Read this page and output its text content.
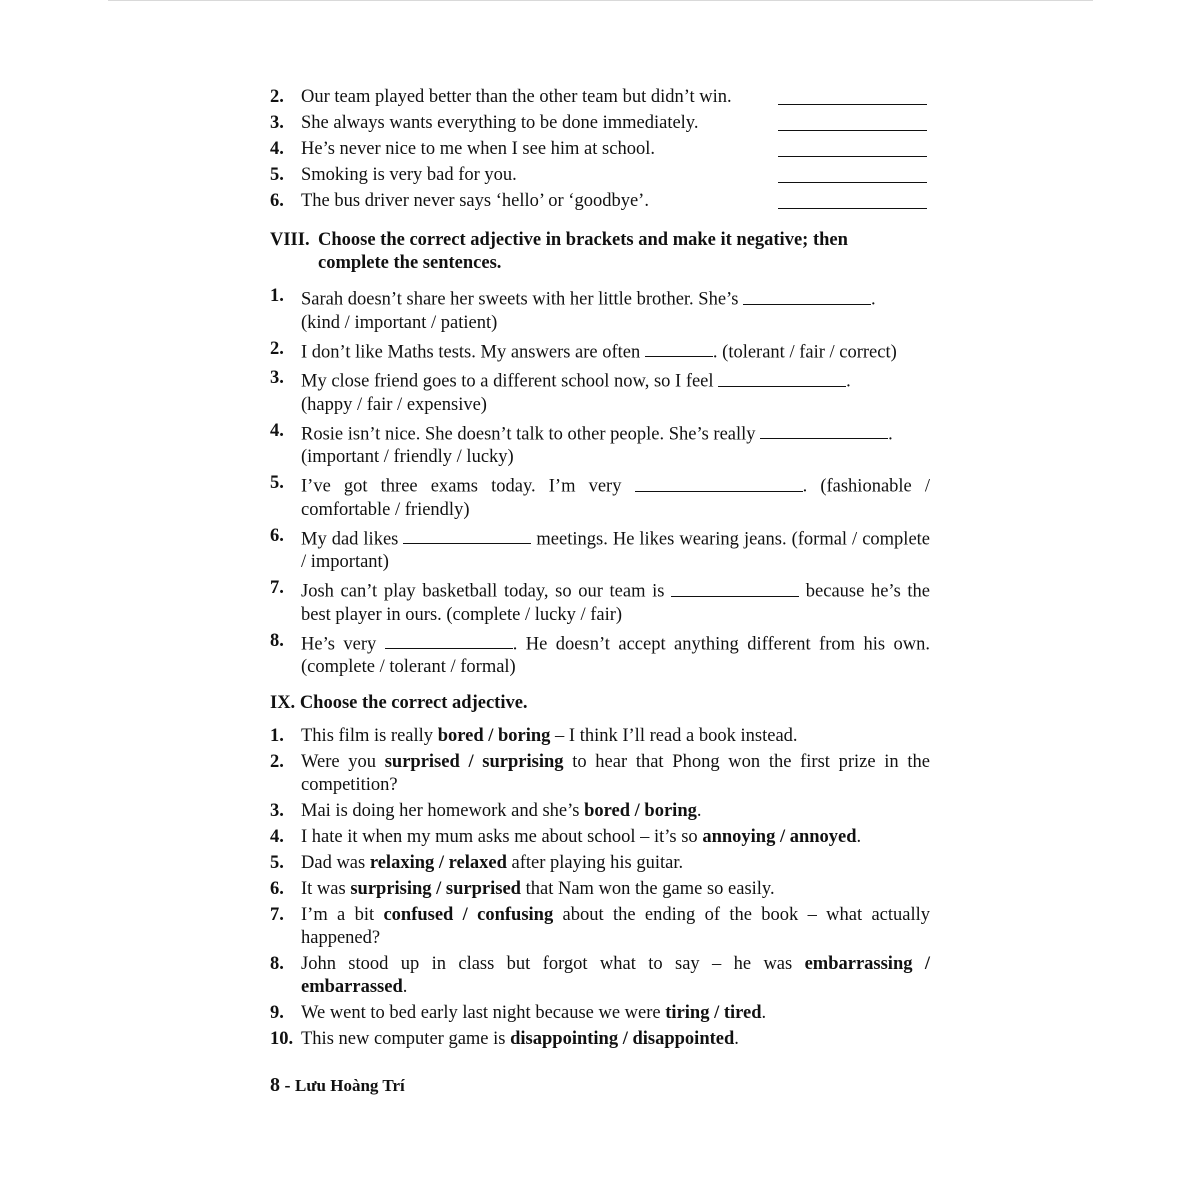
2. Our team played better than the other team but didn’t win.
3. She always wants everything to be done immediately.
4. He’s never nice to me when I see him at school.
5. Smoking is very bad for you.
6. The bus driver never says ‘hello’ or ‘goodbye’.
VIII. Choose the correct adjective in brackets and make it negative; then
complete the sentences.
1. Sarah doesn’t share her sweets with her little brother. She’s	.
(kind / important / patient)
2. I don’t like Maths tests. My answers are often	. (tolerant / fair / correct)
3. My close friend goes to a different school now, so I feel	.
(happy / fair / expensive)
4. Rosie isn’t nice. She doesn’t talk to other people. She’s really	.
(important / friendly / lucky)
5. I’ve got three exams today. I’m very	. (fashionable / comfortable / friendly)
6. My dad likes	meetings. He likes wearing jeans. (formal / complete / important)
7. Josh can’t play basketball today, so our team is	because he’s the best player in ours. (complete / lucky / fair)
8. He’s very	. He doesn’t accept anything different from his own. (complete / tolerant / formal)
IX. Choose the correct adjective.
1. This film is really bored / boring – I think I’ll read a book instead.
2. Were you surprised / surprising to hear that Phong won the first prize in the competition?
3. Mai is doing her homework and she’s bored / boring.
4. I hate it when my mum asks me about school – it’s so annoying / annoyed.
5. Dad was relaxing / relaxed after playing his guitar.
6. It was surprising / surprised that Nam won the game so easily.
7. I’m a bit confused / confusing about the ending of the book – what actually happened?
8. John stood up in class but forgot what to say – he was embarrassing / embarrassed.
9. We went to bed early last night because we were tiring / tired.
10. This new computer game is disappointing / disappointed.
8 - Lưu Hoàng Trí
